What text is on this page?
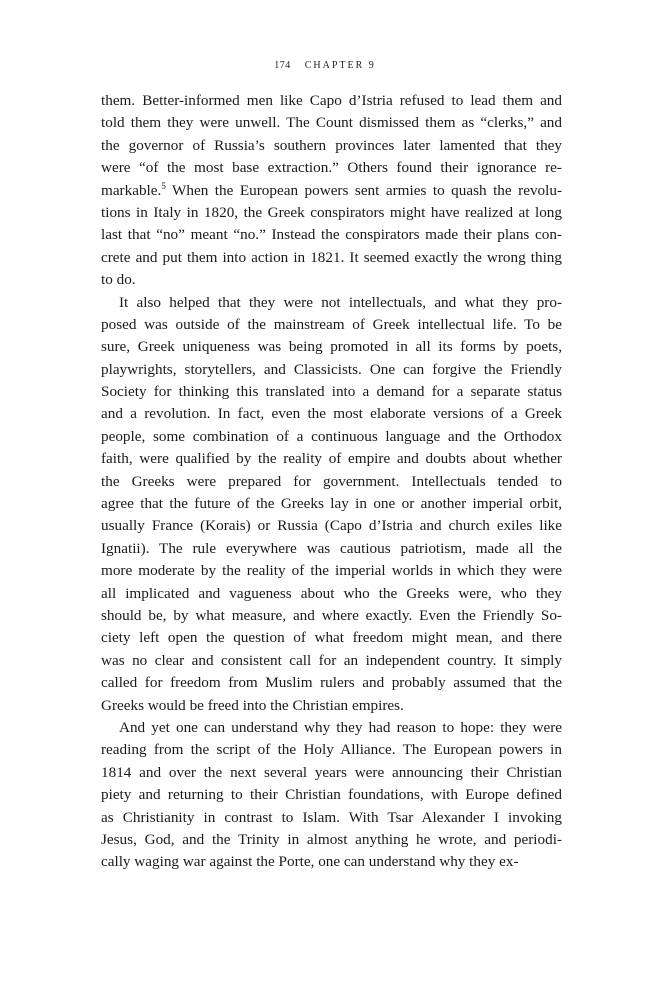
174 CHAPTER 9
them. Better-informed men like Capo d’Istria refused to lead them and
told them they were unwell. The Count dismissed them as “clerks,” and
the governor of Russia’s southern provinces later lamented that they
were “of the most base extraction.” Others found their ignorance re-
markable.$^5$ When the European powers sent armies to quash the revolu-
tions in Italy in 1820, the Greek conspirators might have realized at long
last that “no” meant “no.” Instead the conspirators made their plans con-
crete and put them into action in 1821. It seemed exactly the wrong thing
to do.
It also helped that they were not intellectuals, and what they pro-
posed was outside of the mainstream of Greek intellectual life. To be
sure, Greek uniqueness was being promoted in all its forms by poets,
playwrights, storytellers, and Classicists. One can forgive the Friendly
Society for thinking this translated into a demand for a separate status
and a revolution. In fact, even the most elaborate versions of a Greek
people, some combination of a continuous language and the Orthodox
faith, were qualified by the reality of empire and doubts about whether
the Greeks were prepared for government. Intellectuals tended to
agree that the future of the Greeks lay in one or another imperial orbit,
usually France (Korais) or Russia (Capo d’Istria and church exiles like
Ignatii). The rule everywhere was cautious patriotism, made all the
more moderate by the reality of the imperial worlds in which they were
all implicated and vagueness about who the Greeks were, who they
should be, by what measure, and where exactly. Even the Friendly So-
ciety left open the question of what freedom might mean, and there
was no clear and consistent call for an independent country. It simply
called for freedom from Muslim rulers and probably assumed that the
Greeks would be freed into the Christian empires.
And yet one can understand why they had reason to hope: they were
reading from the script of the Holy Alliance. The European powers in
1814 and over the next several years were announcing their Christian
piety and returning to their Christian foundations, with Europe defined
as Christianity in contrast to Islam. With Tsar Alexander I invoking
Jesus, God, and the Trinity in almost anything he wrote, and periodi-
cally waging war against the Porte, one can understand why they ex-
